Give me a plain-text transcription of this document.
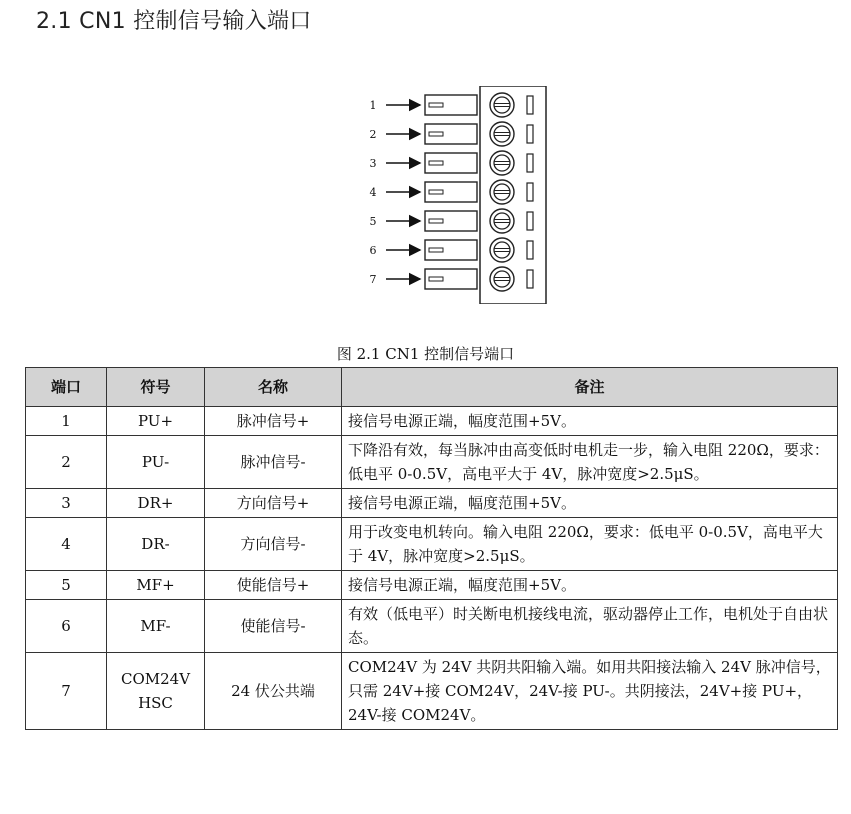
2.1 CN1 控制信号输入端口
1
2
3
4
5
6
7
图 2.1 CN1 控制信号端口
端口	符号	名称	备注
1	PU+	脉冲信号+	接信号电源正端，幅度范围+5V。
2	PU-	脉冲信号-	下降沿有效，每当脉冲由高变低时电机走一步，输入电阻 220Ω，要求：低电平 0-0.5V，高电平大于 4V，脉冲宽度>2.5μS。
3	DR+	方向信号+	接信号电源正端，幅度范围+5V。
4	DR-	方向信号-	用于改变电机转向。输入电阻 220Ω，要求：低电平 0-0.5V，高电平大于 4V，脉冲宽度>2.5μS。
5	MF+	使能信号+	接信号电源正端，幅度范围+5V。
6	MF-	使能信号-	有效（低电平）时关断电机接线电流，驱动器停止工作，电机处于自由状态。
7	COM24V HSC	24 伏公共端	COM24V 为 24V 共阴共阳输入端。如用共阳接法输入 24V 脉冲信号，只需 24V+接 COM24V，24V-接 PU-。共阴接法，24V+接 PU+，24V-接 COM24V。
